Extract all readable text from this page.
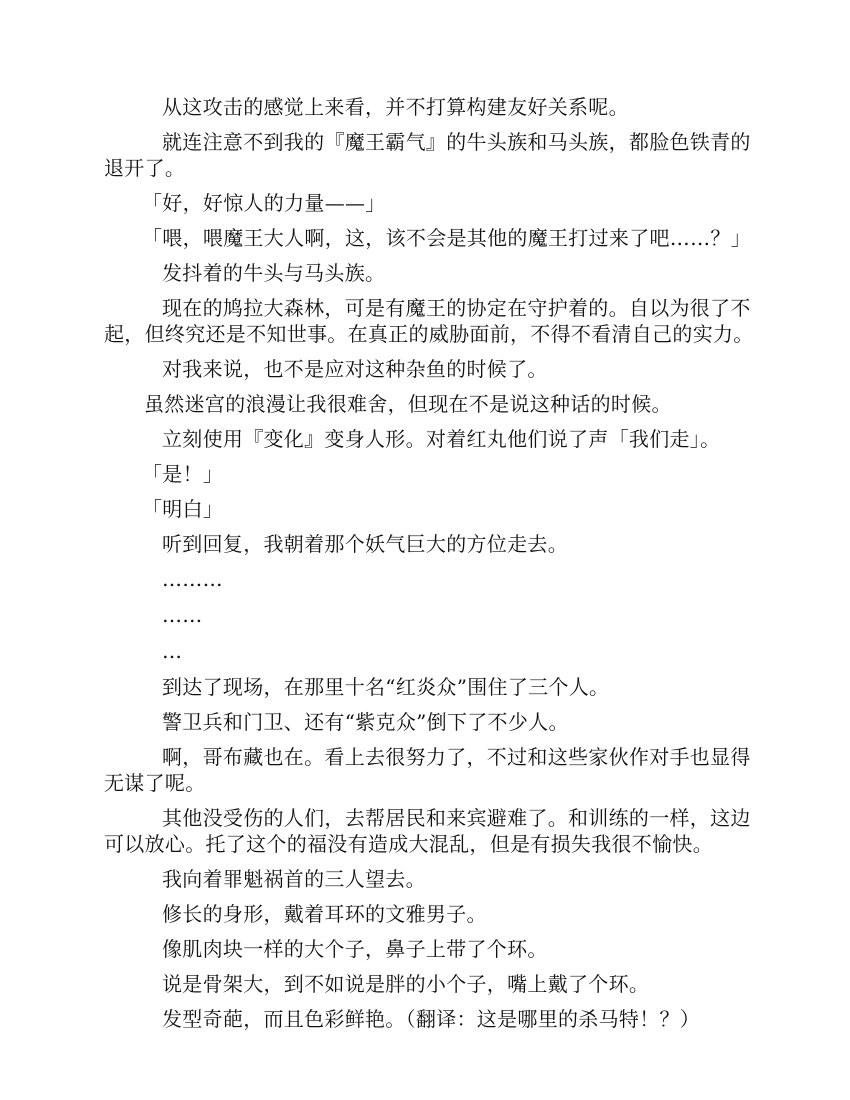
从这攻击的感觉上来看，并不打算构建友好关系呢。

就连注意不到我的『魔王霸气』的牛头族和马头族，都脸色铁青的退开了。

「好，好惊人的力量——」

「喂，喂魔王大人啊，这，该不会是其他的魔王打过来了吧……？」

发抖着的牛头与马头族。

现在的鸠拉大森林，可是有魔王的协定在守护着的。自以为很了不起，但终究还是不知世事。在真正的威胁面前，不得不看清自己的实力。

对我来说，也不是应对这种杂鱼的时候了。

虽然迷宫的浪漫让我很难舍，但现在不是说这种话的时候。

立刻使用『变化』变身人形。对着红丸他们说了声「我们走」。

「是！」

「明白」

听到回复，我朝着那个妖气巨大的方位走去。

………

……

…

到达了现场，在那里十名“红炎众”围住了三个人。

警卫兵和门卫、还有“紫克众”倒下了不少人。

啊，哥布藏也在。看上去很努力了，不过和这些家伙作对手也显得无谋了呢。

其他没受伤的人们，去帮居民和来宾避难了。和训练的一样，这边可以放心。托了这个的福没有造成大混乱，但是有损失我很不愉快。

我向着罪魁祸首的三人望去。

修长的身形，戴着耳环的文雅男子。

像肌肉块一样的大个子，鼻子上带了个环。

说是骨架大，到不如说是胖的小个子，嘴上戴了个环。

发型奇葩，而且色彩鲜艳。（翻译：这是哪里的杀马特！？）
